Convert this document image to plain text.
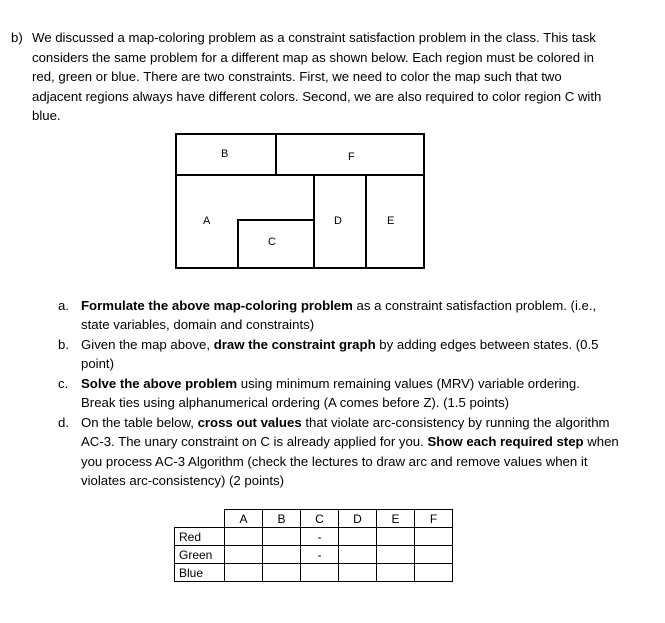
b) We discussed a map-coloring problem as a constraint satisfaction problem in the class. This task
considers the same problem for a different map as shown below. Each region must be colored in
red, green or blue. There are two constraints. First, we need to color the map such that two
adjacent regions always have different colors. Second, we are also required to color region C with
blue.
B	F
A	D	E
C
a. Formulate the above map-coloring problem as a constraint satisfaction problem. (i.e.,
state variables, domain and constraints)
b. Given the map above, draw the constraint graph by adding edges between states. (0.5
point)
c. Solve the above problem using minimum remaining values (MRV) variable ordering.
Break ties using alphanumerical ordering (A comes before Z). (1.5 points)
d. On the table below, cross out values that violate arc-consistency by running the algorithm
AC-3. The unary constraint on C is already applied for you. Show each required step when
you process AC-3 Algorithm (check the lectures to draw arc and remove values when it
violates arc-consistency) (2 points)
	A	B	C	D	E	F
Red			-			
Green			-			
Blue						
